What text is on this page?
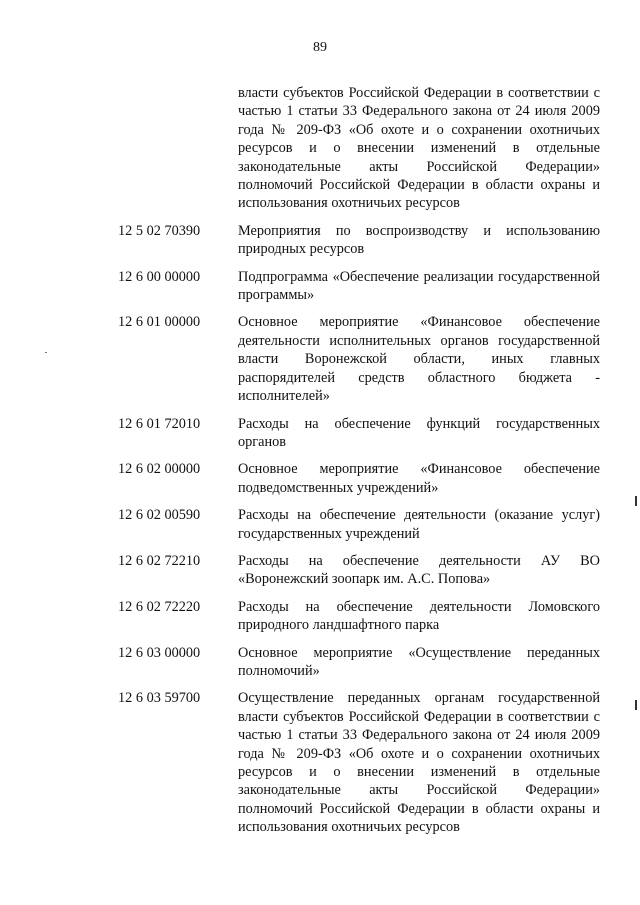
89
власти субъектов Российской Федерации в соответствии с частью 1 статьи 33 Федерального закона от 24 июля 2009 года № 209-ФЗ «Об охоте и о сохранении охотничьих ресурсов и о внесении изменений в отдельные законодательные акты Российской Федерации» полномочий Российской Федерации в области охраны и использования охотничьих ресурсов
12 5 02 70390	Мероприятия по воспроизводству и использованию природных ресурсов
12 6 00 00000	Подпрограмма «Обеспечение реализации государственной программы»
12 6 01 00000	Основное мероприятие «Финансовое обеспечение деятельности исполнительных органов государственной власти Воронежской области, иных главных распорядителей средств областного бюджета - исполнителей»
12 6 01 72010	Расходы на обеспечение функций государственных органов
12 6 02 00000	Основное мероприятие «Финансовое обеспечение подведомственных учреждений»
12 6 02 00590	Расходы на обеспечение деятельности (оказание услуг) государственных учреждений
12 6 02 72210	Расходы на обеспечение деятельности АУ ВО «Воронежский зоопарк им. А.С. Попова»
12 6 02 72220	Расходы на обеспечение деятельности Ломовского природного ландшафтного парка
12 6 03 00000	Основное мероприятие «Осуществление переданных полномочий»
12 6 03 59700	Осуществление переданных органам государственной власти субъектов Российской Федерации в соответствии с частью 1 статьи 33 Федерального закона от 24 июля 2009 года № 209-ФЗ «Об охоте и о сохранении охотничьих ресурсов и о внесении изменений в отдельные законодательные акты Российской Федерации» полномочий Российской Федерации в области охраны и использования охотничьих ресурсов
